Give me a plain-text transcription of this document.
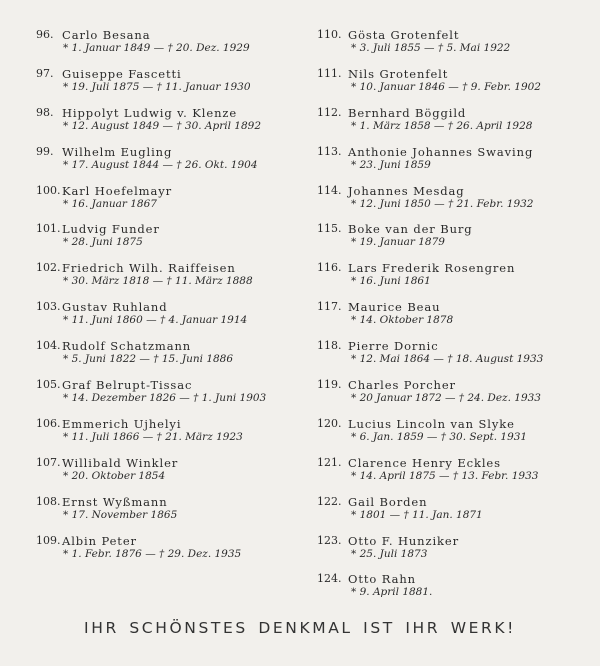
96. Carlo Besana
* 1. Januar 1849 — † 20. Dez. 1929
97. Guiseppe Fascetti
* 19. Juli 1875 — † 11. Januar 1930
98. Hippolyt Ludwig v. Klenze
* 12. August 1849 — † 30. April 1892
99. Wilhelm Eugling
* 17. August 1844 — † 26. Okt. 1904
100. Karl Hoefelmayr
* 16. Januar 1867
101. Ludvig Funder
* 28. Juni 1875
102. Friedrich Wilh. Raiffeisen
* 30. März 1818 — † 11. März 1888
103. Gustav Ruhland
* 11. Juni 1860 — † 4. Januar 1914
104. Rudolf Schatzmann
* 5. Juni 1822 — † 15. Juni 1886
105. Graf Belrupt-Tissac
* 14. Dezember 1826 — † 1. Juni 1903
106. Emmerich Ujhelyi
* 11. Juli 1866 — † 21. März 1923
107. Willibald Winkler
* 20. Oktober 1854
108. Ernst Wyßmann
* 17. November 1865
109. Albin Peter
* 1. Febr. 1876 — † 29. Dez. 1935
110. Gösta Grotenfelt
* 3. Juli 1855 — † 5. Mai 1922
111. Nils Grotenfelt
* 10. Januar 1846 — † 9. Febr. 1902
112. Bernhard Böggild
* 1. März 1858 — † 26. April 1928
113. Anthonie Johannes Swaving
* 23. Juni 1859
114. Johannes Mesdag
* 12. Juni 1850 — † 21. Febr. 1932
115. Boke van der Burg
* 19. Januar 1879
116. Lars Frederik Rosengren
* 16. Juni 1861
117. Maurice Beau
* 14. Oktober 1878
118. Pierre Dornic
* 12. Mai 1864 — † 18. August 1933
119. Charles Porcher
* 20 Januar 1872 — † 24. Dez. 1933
120. Lucius Lincoln van Slyke
* 6. Jan. 1859 — † 30. Sept. 1931
121. Clarence Henry Eckles
* 14. April 1875 — † 13. Febr. 1933
122. Gail Borden
* 1801 — † 11. Jan. 1871
123. Otto F. Hunziker
* 25. Juli 1873
124. Otto Rahn
* 9. April 1881.
IHR SCHÖNSTES DENKMAL IST IHR WERK!
